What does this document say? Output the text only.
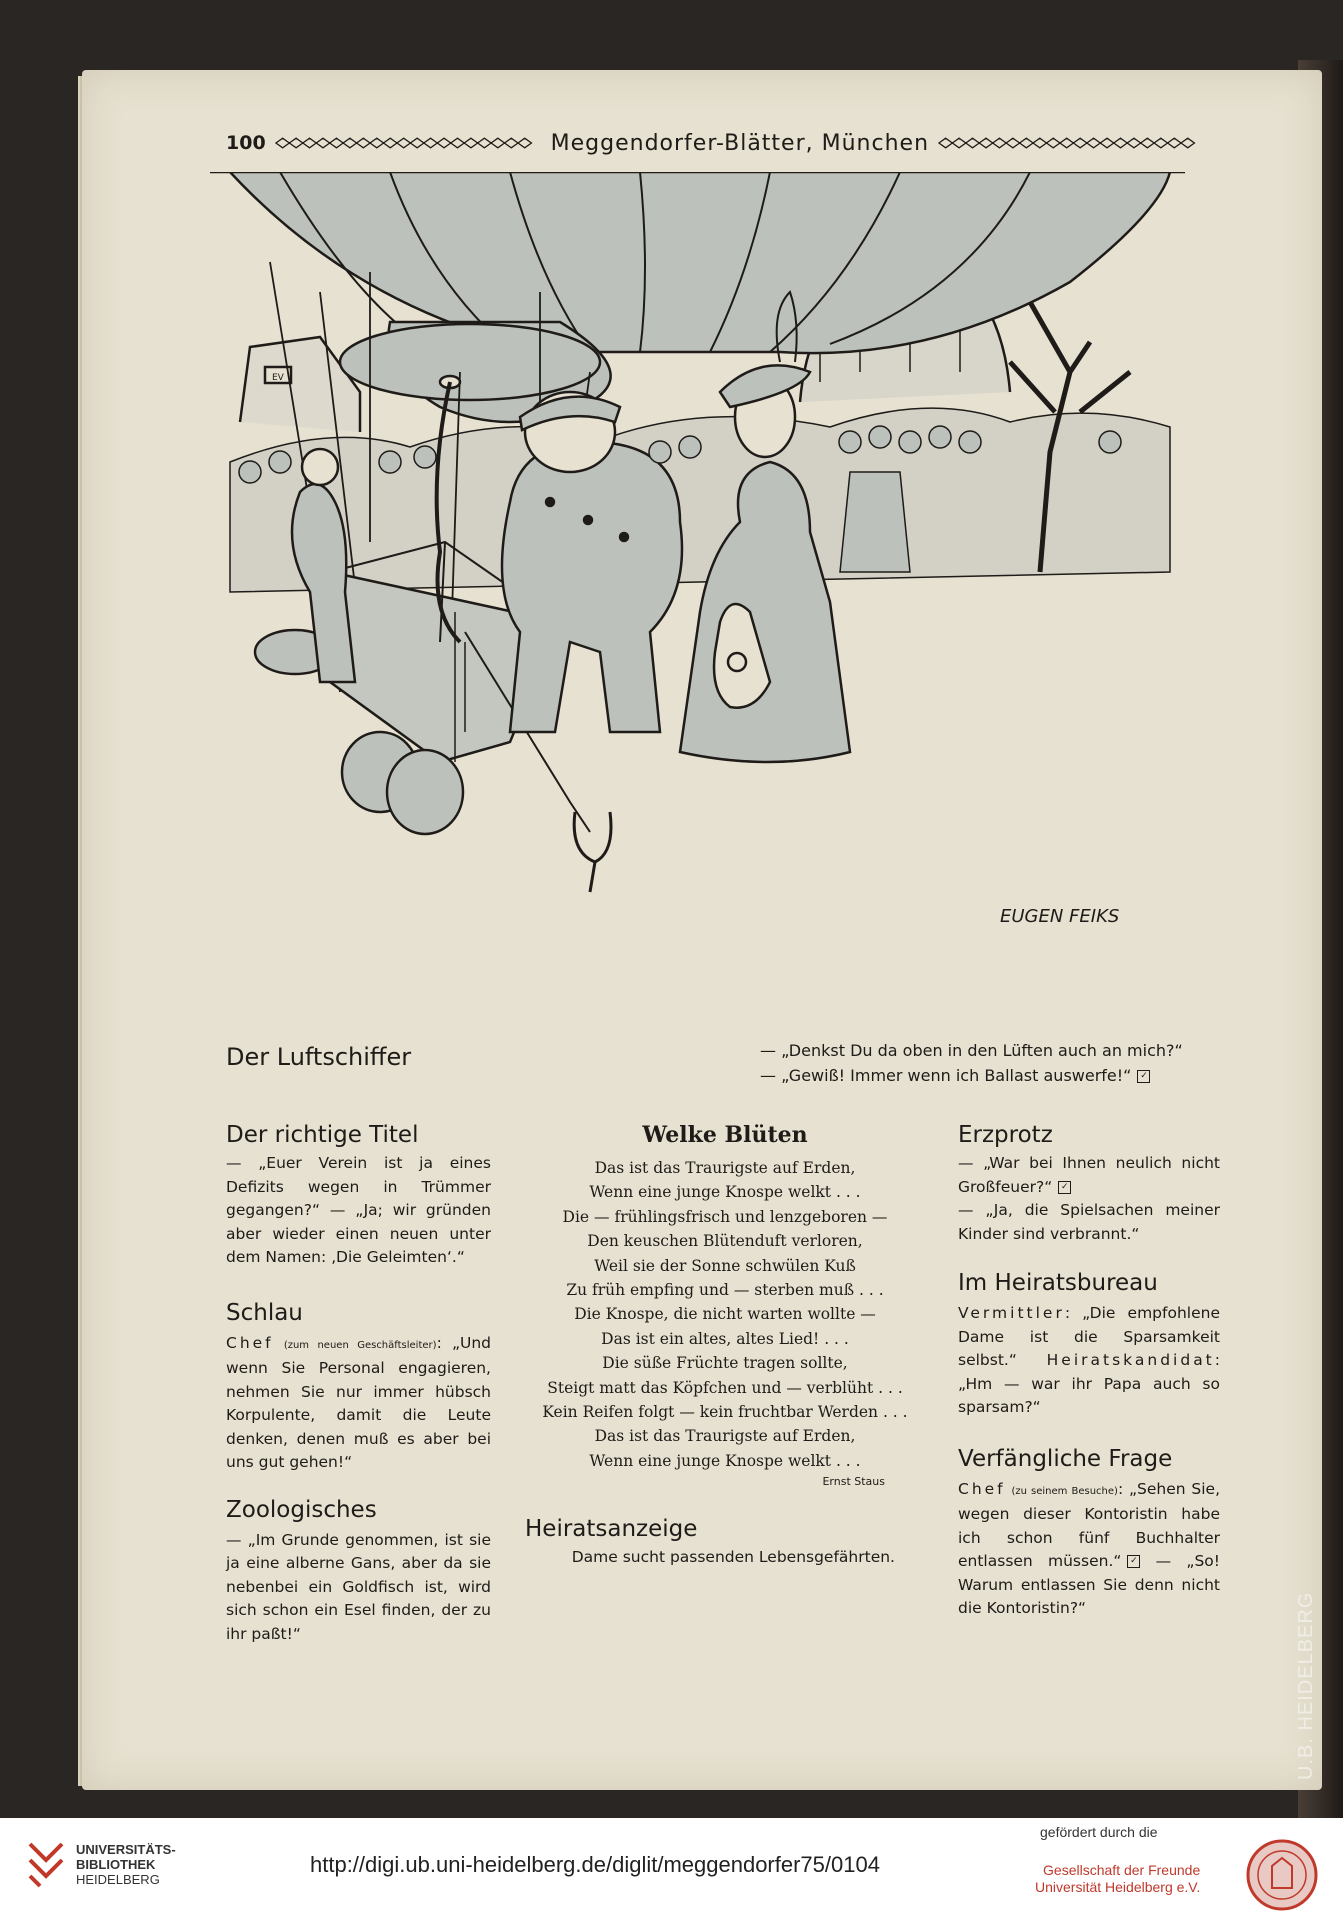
100	Meggendorfer-Blätter, München
EUGEN FEIKS
EV
Der Luftschiffer	— „Denkst Du da oben in den Lüften auch an mich?“
— „Gewiß! Immer wenn ich Ballast auswerfe!“ ✓
Der richtige Titel

— „Euer Verein ist ja eines Defizits wegen in Trümmer gegangen?“ — „Ja; wir gründen aber wieder einen neuen unter dem Namen: ‚Die Geleimten‘.“

Schlau

Chef (zum neuen Geschäftsleiter): „Und wenn Sie Personal engagieren, nehmen Sie nur immer hübsch Korpulente, damit die Leute denken, denen muß es aber bei uns gut gehen!“

Zoologisches

— „Im Grunde genommen, ist sie ja eine alberne Gans, aber da sie nebenbei ein Goldfisch ist, wird sich schon ein Esel finden, der zu ihr paßt!“

Welke Blüten
Das ist das Traurigste auf Erden,
Wenn eine junge Knospe welkt . . .
Die — frühlingsfrisch und lenzgeboren —
Den keuschen Blütenduft verloren,
Weil sie der Sonne schwülen Kuß
Zu früh empfing und — sterben muß . . .
Die Knospe, die nicht warten wollte —
Das ist ein altes, altes Lied! . . .
Die süße Früchte tragen sollte,
Steigt matt das Köpfchen und — verblüht . . .
Kein Reifen folgt — kein fruchtbar Werden . . .
Das ist das Traurigste auf Erden,
Wenn eine junge Knospe welkt . . .
Ernst Staus
Heiratsanzeige

Dame sucht passenden Lebensgefährten.

Erzprotz

— „War bei Ihnen neulich nicht Großfeuer?“ ✓

— „Ja, die Spielsachen meiner Kinder sind verbrannt.“

Im Heiratsbureau

Vermittler: „Die empfohlene Dame ist die Sparsamkeit selbst.“ Heiratskandidat: „Hm — war ihr Papa auch so sparsam?“

Verfängliche Frage

Chef (zu seinem Besuche): „Sehen Sie, wegen dieser Kontoristin habe ich schon fünf Buchhalter entlassen müssen.“ ✓ — „So! Warum entlassen Sie denn nicht die Kontoristin?“	U.B. HEIDELBERG
UNIVERSITÄTS-
BIBLIOTHEK
HEIDELBERG
http://digi.ub.uni-heidelberg.de/diglit/meggendorfer75/0104
gefördert durch die
Gesellschaft der Freunde
Universität Heidelberg e.V.
